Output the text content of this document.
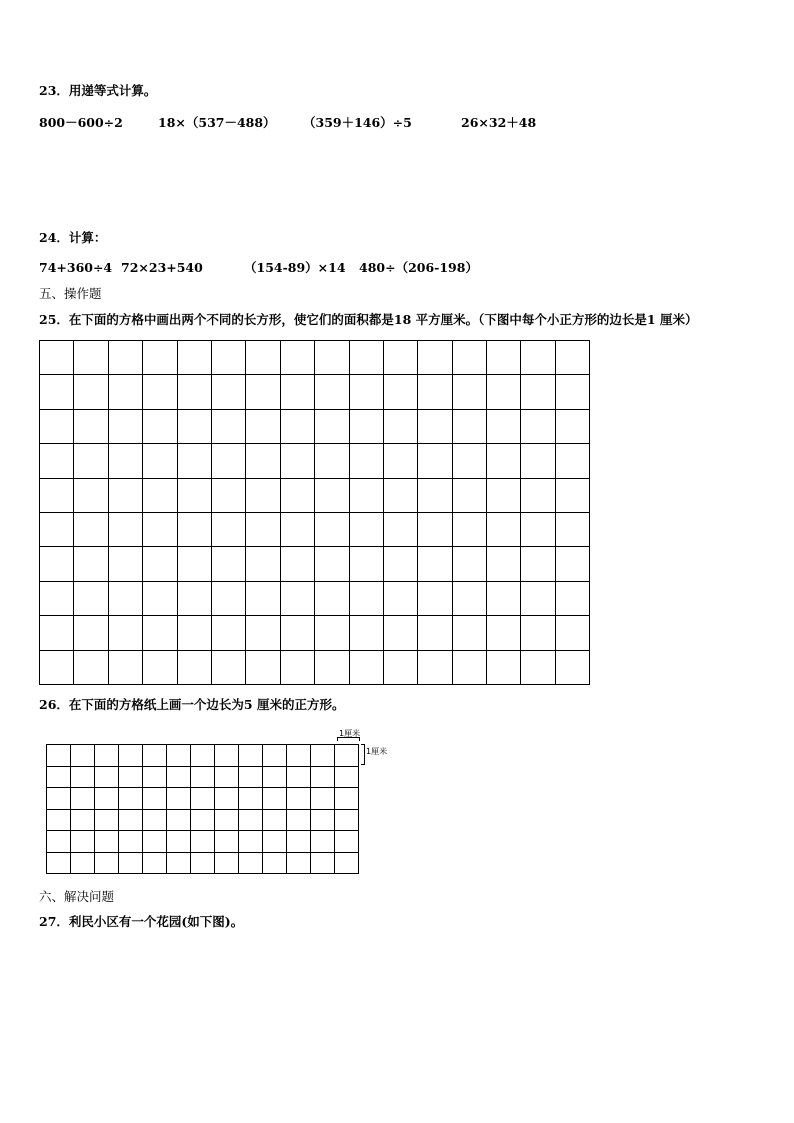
23．用递等式计算。
800－600÷2	18×（537－488） （359＋146）÷5	26×32＋48
24．计算：
74+360÷4 72×23+540	（154-89）×14 480÷（206-198）
五、操作题
25．在下面的方格中画出两个不同的长方形，使它们的面积都是18 平方厘米。（下图中每个小正方形的边长是1 厘米）

26．在下面的方格纸上画一个边长为5 厘米的正方形。

1厘米
1厘米
六、解决问题
27．利民小区有一个花园(如下图)。
